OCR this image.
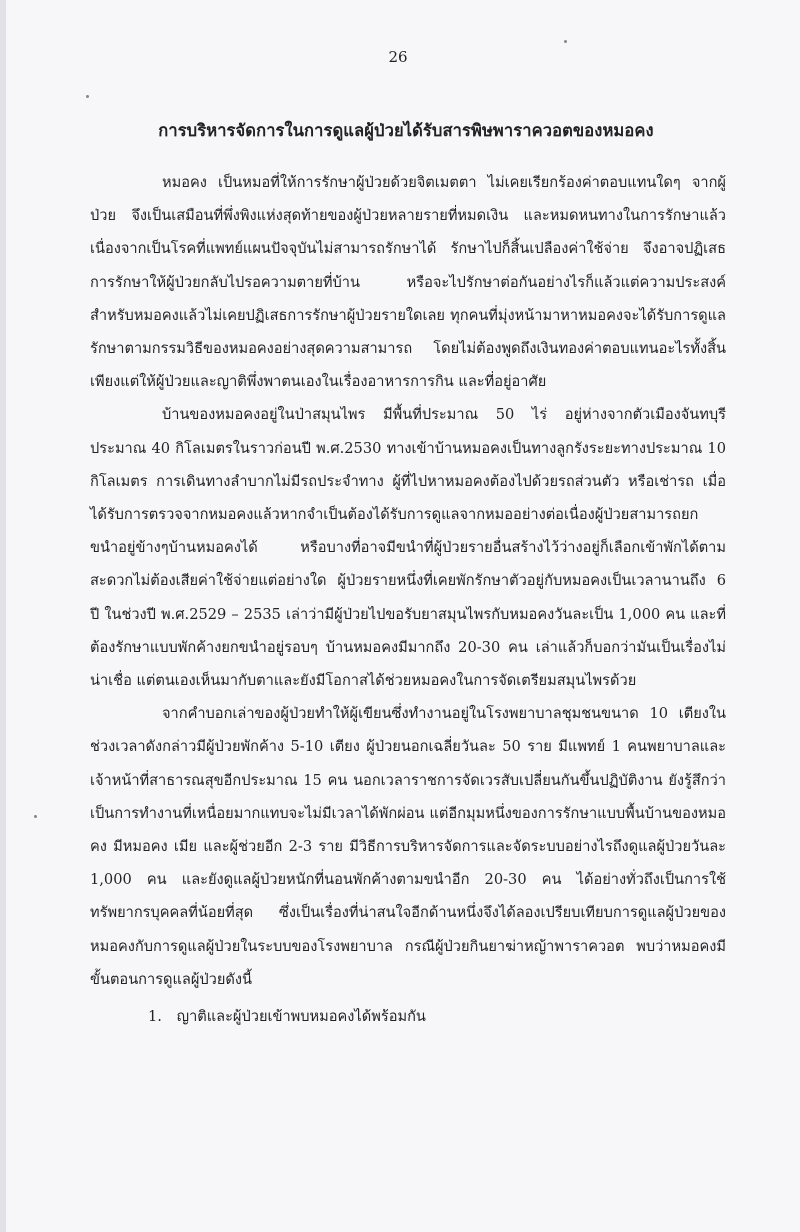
26
การบริหารจัดการในการดูแลผู้ป่วยได้รับสารพิษพาราควอตของหมอคง

หมอคง เป็นหมอที่ให้การรักษาผู้ป่วยด้วยจิตเมตตา ไม่เคยเรียกร้องค่าตอบแทนใดๆ จากผู้ป่วย จึงเป็นเสมือนที่พึ่งพิงแห่งสุดท้ายของผู้ป่วยหลายรายที่หมดเงิน และหมดหนทางในการรักษาแล้ว เนื่องจากเป็นโรคที่แพทย์แผนปัจจุบันไม่สามารถรักษาได้ รักษาไปก็สิ้นเปลืองค่าใช้จ่าย จึงอาจปฏิเสธการรักษาให้ผู้ป่วยกลับไปรอความตายที่บ้าน หรือจะไปรักษาต่อกันอย่างไรก็แล้วแต่ความประสงค์ สำหรับหมอคงแล้วไม่เคยปฏิเสธการรักษาผู้ป่วยรายใดเลย ทุกคนที่มุ่งหน้ามาหาหมอคงจะได้รับการดูแลรักษาตามกรรมวิธีของหมอคงอย่างสุดความสามารถ โดยไม่ต้องพูดถึงเงินทองค่าตอบแทนอะไรทั้งสิ้น เพียงแต่ให้ผู้ป่วยและญาติพึ่งพาตนเองในเรื่องอาหารการกิน และที่อยู่อาศัย

บ้านของหมอคงอยู่ในป่าสมุนไพร มีพื้นที่ประมาณ 50 ไร่ อยู่ห่างจากตัวเมืองจันทบุรีประมาณ 40 กิโลเมตรในราวก่อนปี พ.ศ.2530 ทางเข้าบ้านหมอคงเป็นทางลูกรังระยะทางประมาณ 10 กิโลเมตร การเดินทางลำบากไม่มีรถประจำทาง ผู้ที่ไปหาหมอคงต้องไปด้วยรถส่วนตัว หรือเช่ารถ เมื่อได้รับการตรวจจากหมอคงแล้วหากจำเป็นต้องได้รับการดูแลจากหมออย่างต่อเนื่องผู้ป่วยสามารถยกขนำอยู่ข้างๆบ้านหมอคงได้ หรือบางที่อาจมีขนำที่ผู้ป่วยรายอื่นสร้างไว้ว่างอยู่ก็เลือกเข้าพักได้ตามสะดวกไม่ต้องเสียค่าใช้จ่ายแต่อย่างใด ผู้ป่วยรายหนึ่งที่เคยพักรักษาตัวอยู่กับหมอคงเป็นเวลานานถึง 6 ปี ในช่วงปี พ.ศ.2529 – 2535 เล่าว่ามีผู้ป่วยไปขอรับยาสมุนไพรกับหมอคงวันละเป็น 1,000 คน และที่ต้องรักษาแบบพักค้างยกขนำอยู่รอบๆ บ้านหมอคงมีมากถึง 20-30 คน เล่าแล้วก็บอกว่ามันเป็นเรื่องไม่น่าเชื่อ แต่ตนเองเห็นมากับตาและยังมีโอกาสได้ช่วยหมอคงในการจัดเตรียมสมุนไพรด้วย

จากคำบอกเล่าของผู้ป่วยทำให้ผู้เขียนซึ่งทำงานอยู่ในโรงพยาบาลชุมชนขนาด 10 เตียงในช่วงเวลาดังกล่าวมีผู้ป่วยพักค้าง 5-10 เตียง ผู้ป่วยนอกเฉลี่ยวันละ 50 ราย มีแพทย์ 1 คนพยาบาลและเจ้าหน้าที่สาธารณสุขอีกประมาณ 15 คน นอกเวลาราชการจัดเวรสับเปลี่ยนกันขึ้นปฏิบัติงาน ยังรู้สึกว่าเป็นการทำงานที่เหนื่อยมากแทบจะไม่มีเวลาได้พักผ่อน แต่อีกมุมหนึ่งของการรักษาแบบพื้นบ้านของหมอคง มีหมอคง เมีย และผู้ช่วยอีก 2-3 ราย มีวิธีการบริหารจัดการและจัดระบบอย่างไรถึงดูแลผู้ป่วยวันละ 1,000 คน และยังดูแลผู้ป่วยหนักที่นอนพักค้างตามขนำอีก 20-30 คน ได้อย่างทั่วถึงเป็นการใช้ทรัพยากรบุคคลที่น้อยที่สุด ซึ่งเป็นเรื่องที่น่าสนใจอีกด้านหนึ่งจึงได้ลองเปรียบเทียบการดูแลผู้ป่วยของหมอคงกับการดูแลผู้ป่วยในระบบของโรงพยาบาล กรณีผู้ป่วยกินยาฆ่าหญ้าพาราควอต พบว่าหมอคงมีขั้นตอนการดูแลผู้ป่วยดังนี้

1. ญาติและผู้ป่วยเข้าพบหมอคงได้พร้อมกัน
